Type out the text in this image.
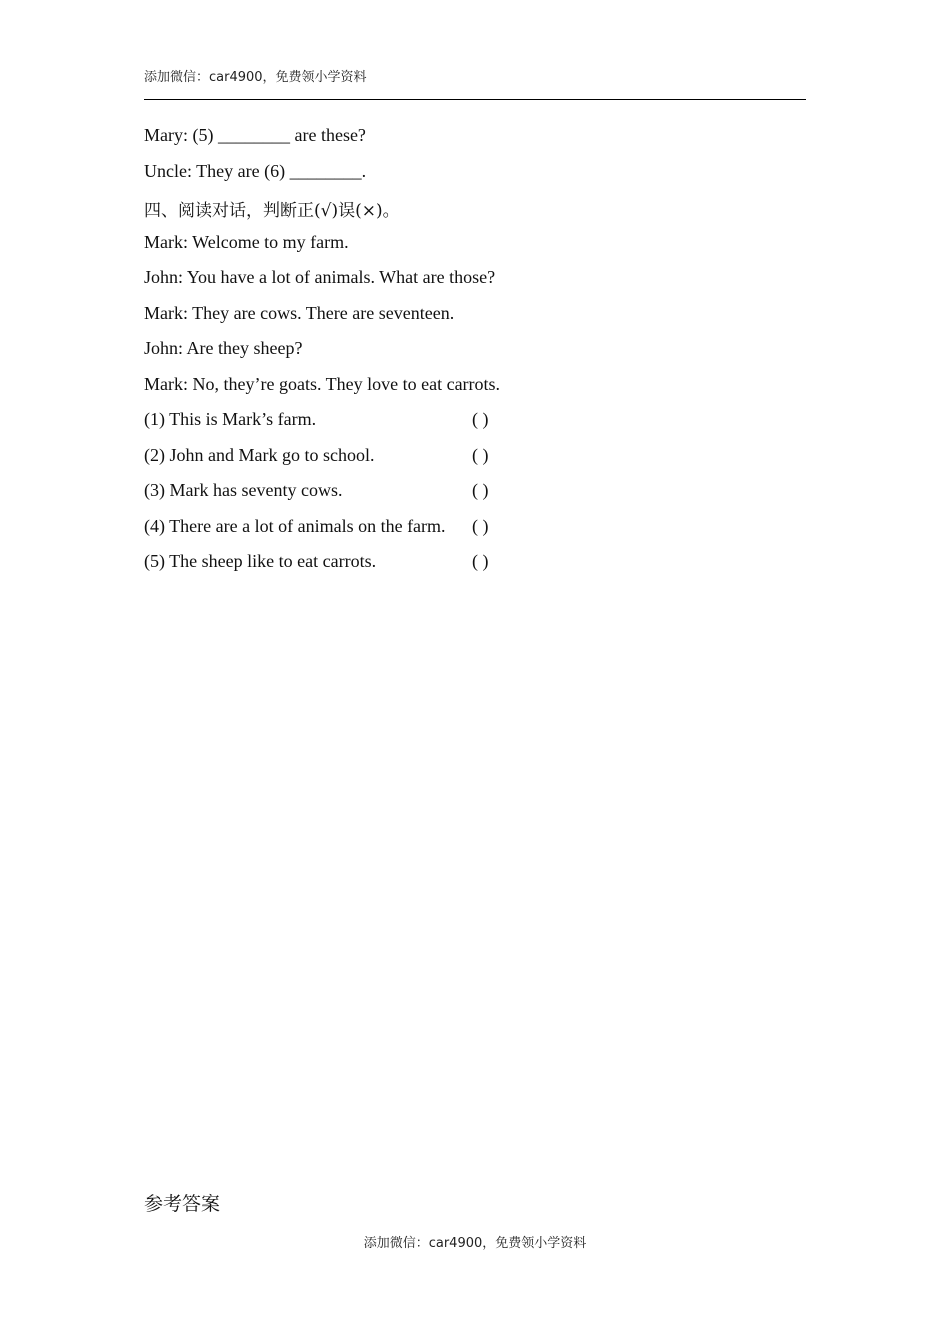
添加微信：car4900，免费领小学资料
Mary: (5) ________ are these?
Uncle: They are (6) ________.
四、阅读对话，判断正(√)误(×)。
Mark: Welcome to my farm.
John: You have a lot of animals. What are those?
Mark: They are cows. There are seventeen.
John: Are they sheep?
Mark: No, they’re goats. They love to eat carrots.
(1) This is Mark’s farm.	( )
(2) John and Mark go to school.	( )
(3) Mark has seventy cows.	( )
(4) There are a lot of animals on the farm. ( )
(5) The sheep like to eat carrots.	( )
参考答案
添加微信：car4900，免费领小学资料
